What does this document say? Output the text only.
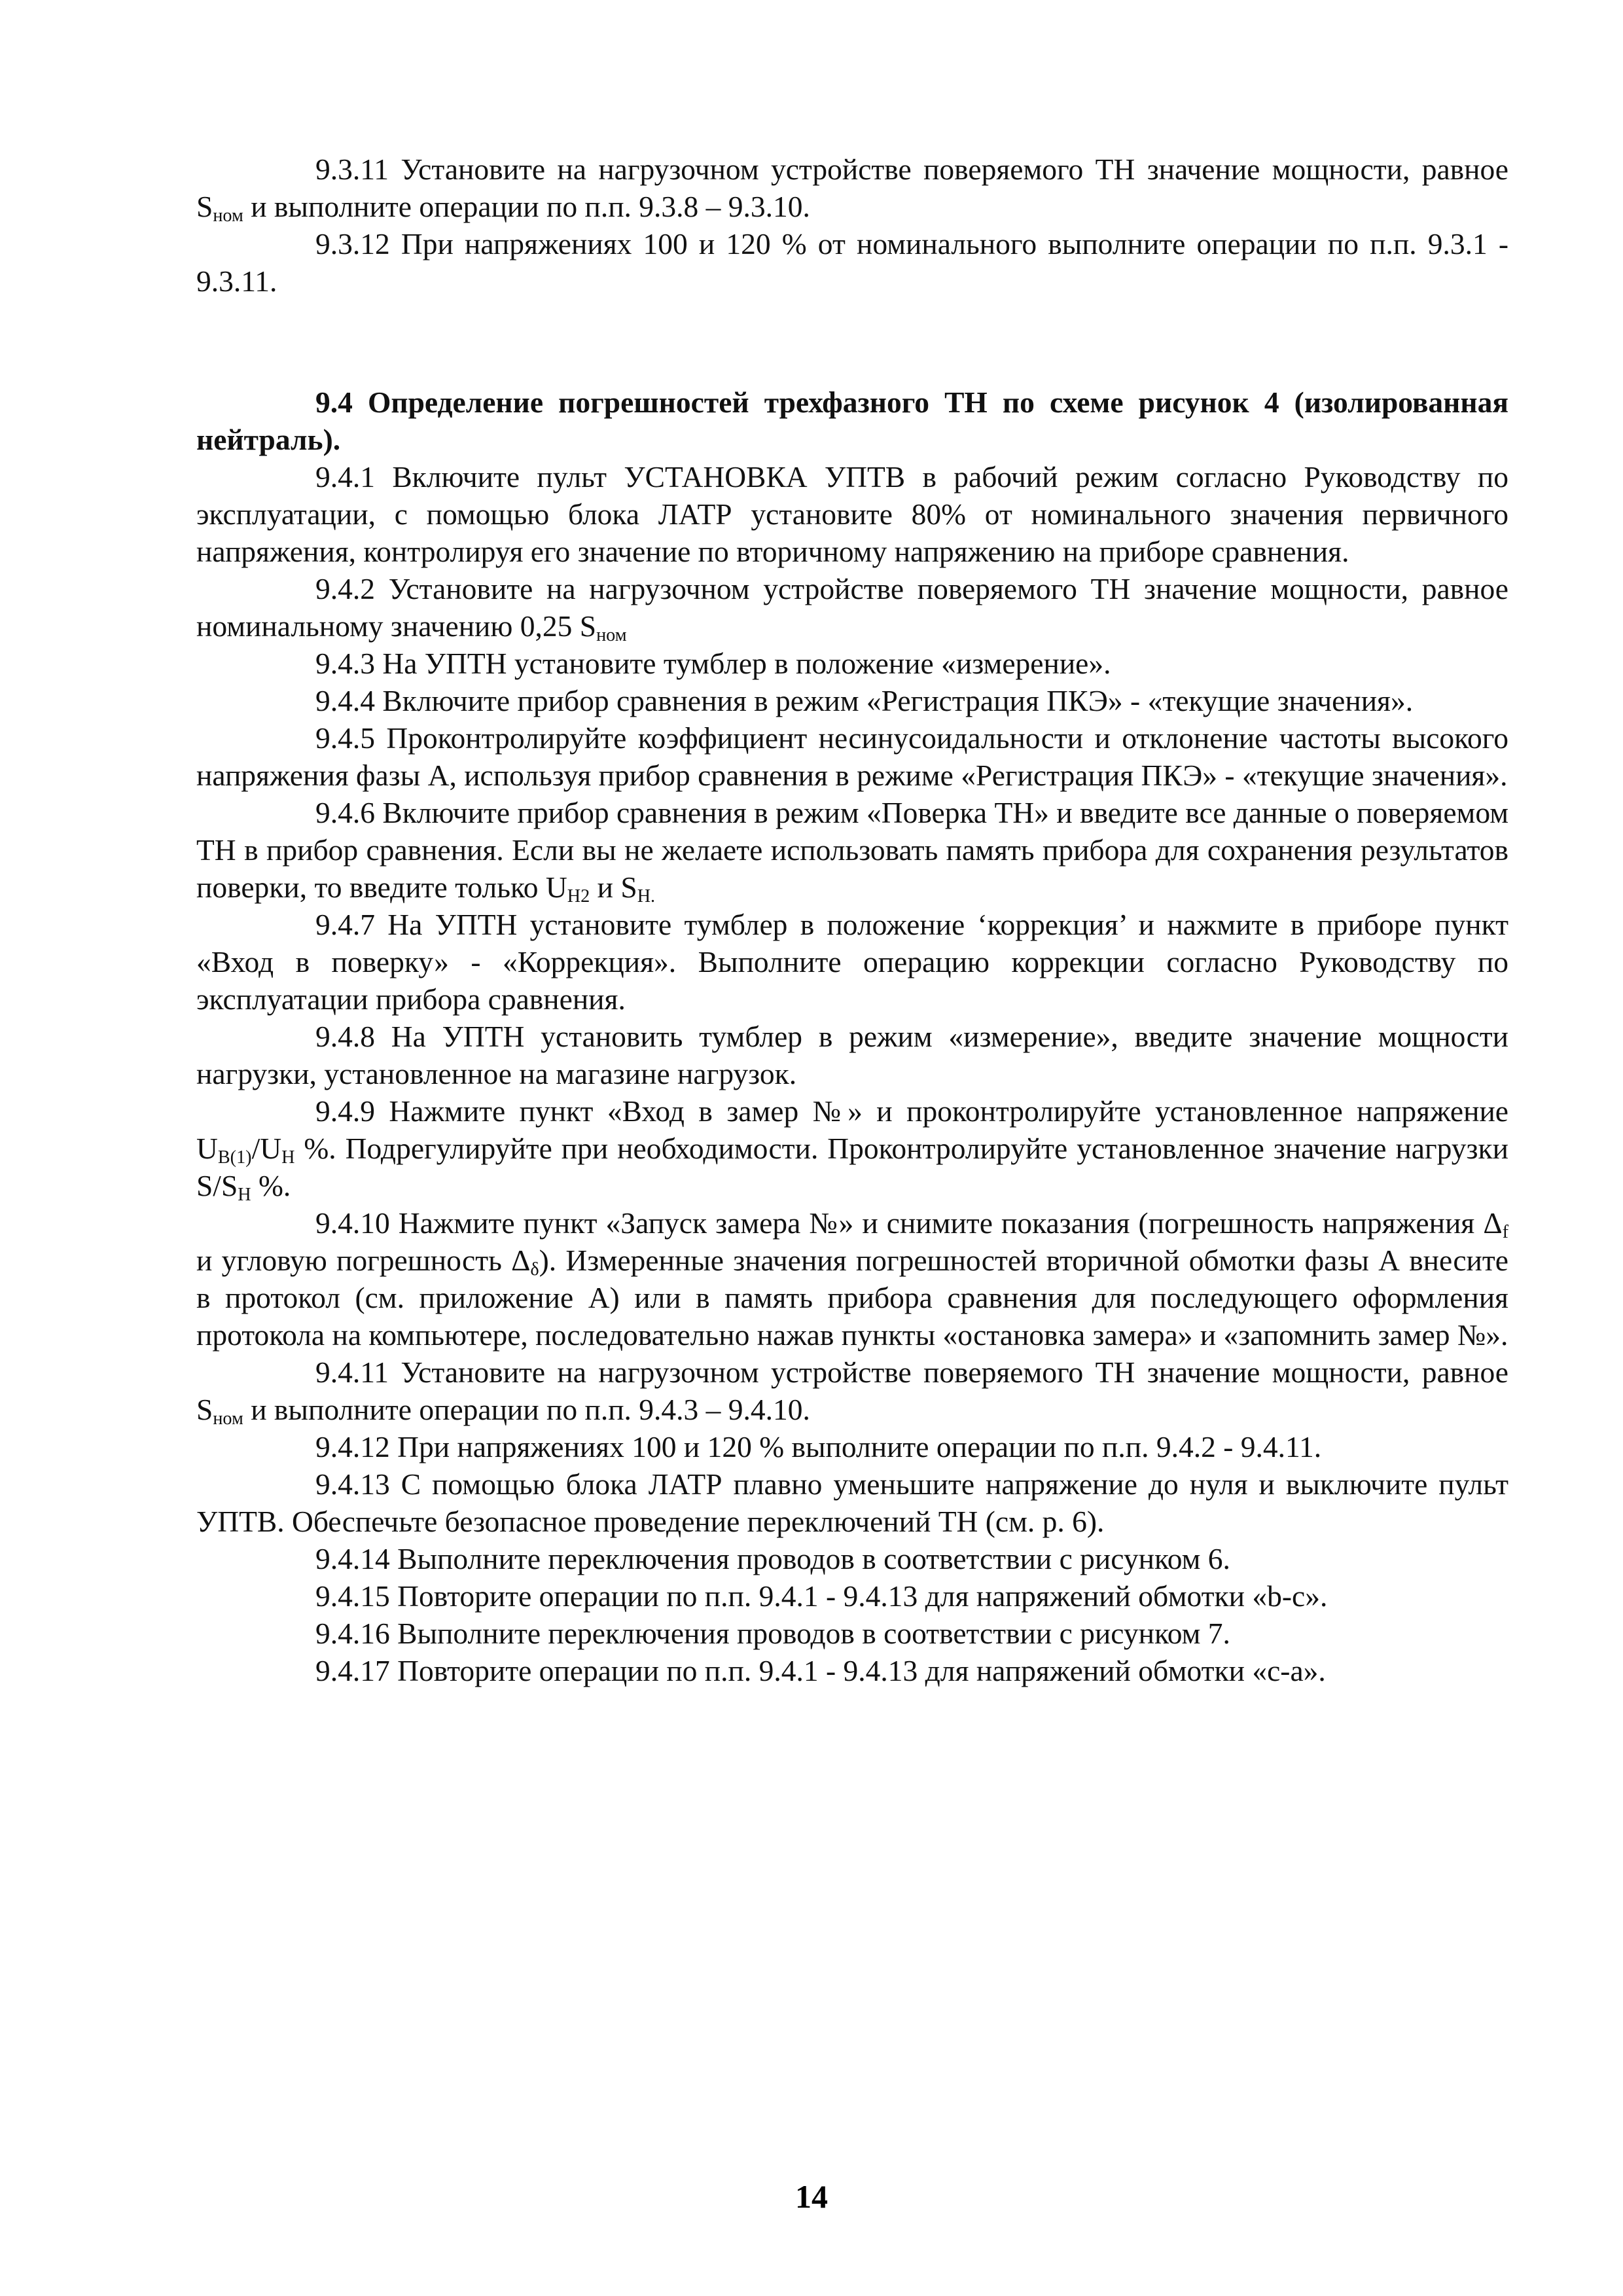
9.3.11 Установите на нагрузочном устройстве поверяемого ТН значение мощности, равное $S_{ном}$ и выполните операции по п.п. 9.3.8 – 9.3.10.

9.3.12 При напряжениях 100 и 120 % от номинального выполните операции по п.п. 9.3.1 - 9.3.11.

9.4 Определение погрешностей трехфазного ТН по схеме рисунок 4 (изолированная нейтраль).

9.4.1 Включите пульт УСТАНОВКА УПТВ в рабочий режим согласно Руководству по эксплуатации, с помощью блока ЛАТР установите 80% от номинального значения первичного напряжения, контролируя его значение по вторичному напряжению на приборе сравнения.

9.4.2 Установите на нагрузочном устройстве поверяемого ТН значение мощности, равное номинальному значению 0,25 $S_{ном}$

9.4.3 На УПТН установите тумблер в положение «измерение».

9.4.4 Включите прибор сравнения в режим «Регистрация ПКЭ» - «текущие значения».

9.4.5 Проконтролируйте коэффициент несинусоидальности и отклонение частоты высокого напряжения фазы А, используя прибор сравнения в режиме «Регистрация ПКЭ» - «текущие значения».

9.4.6 Включите прибор сравнения в режим «Поверка ТН» и введите все данные о поверяемом ТН в прибор сравнения. Если вы не желаете использовать память прибора для сохранения результатов поверки, то введите только $U_{Н2}$ и $S_{Н.}$

9.4.7 На УПТН установите тумблер в положение ‘коррекция’ и нажмите в приборе пункт «Вход в поверку» - «Коррекция». Выполните операцию коррекции согласно Руководству по эксплуатации прибора сравнения.

9.4.8 На УПТН установить тумблер в режим «измерение», введите значение мощности нагрузки, установленное на магазине нагрузок.

9.4.9 Нажмите пункт «Вход в замер №» и проконтролируйте установленное напряжение $U_{В(1)}/U_Н$ %. Подрегулируйте при необходимости. Проконтролируйте установленное значение нагрузки $S/S_Н$ %.

9.4.10 Нажмите пункт «Запуск замера №» и снимите показания (погрешность напряжения $\Delta_f$ и угловую погрешность $\Delta_\delta$). Измеренные значения погрешностей вторичной обмотки фазы А внесите в протокол (см. приложение А) или в память прибора сравнения для последующего оформления протокола на компьютере, последовательно нажав пункты «остановка замера» и «запомнить замер №».

9.4.11 Установите на нагрузочном устройстве поверяемого ТН значение мощности, равное $S_{ном}$ и выполните операции по п.п. 9.4.3 – 9.4.10.

9.4.12 При напряжениях 100 и 120 % выполните операции по п.п. 9.4.2 - 9.4.11.

9.4.13 С помощью блока ЛАТР плавно уменьшите напряжение до нуля и выключите пульт УПТВ. Обеспечьте безопасное проведение переключений ТН (см. р. 6).

9.4.14 Выполните переключения проводов в соответствии с рисунком 6.

9.4.15 Повторите операции по п.п. 9.4.1 - 9.4.13 для напряжений обмотки «b-c».

9.4.16 Выполните переключения проводов в соответствии с рисунком 7.

9.4.17 Повторите операции по п.п. 9.4.1 - 9.4.13 для напряжений обмотки «c-a».

14
